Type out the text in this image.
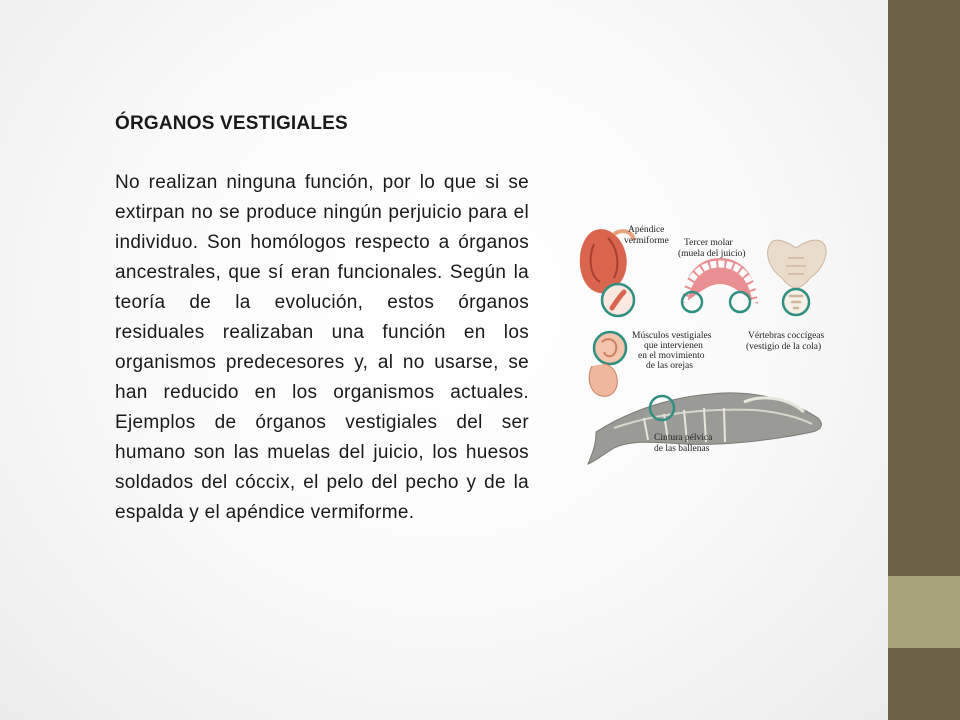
ÓRGANOS VESTIGIALES
No realizan ninguna función, por lo que si se extirpan no se produce ningún perjuicio para el individuo. Son homólogos respecto a órganos ancestrales, que sí eran funcionales. Según la teoría de la evolución, estos órganos residuales realizaban una función en los organismos predecesores y, al no usarse, se han reducido en los organismos actuales. Ejemplos de órganos vestigiales del ser humano son las muelas del juicio, los huesos soldados del cóccix, el pelo del pecho y de la espalda y el apéndice vermiforme.
Apéndice
vermiforme Tercer molar
(muela del juicio)
Músculos vestigiales
que intervienen
en el movimiento
de las orejas
Vértebras coccígeas
(vestigio de la cola)
Cintura pélvica
de las ballenas
